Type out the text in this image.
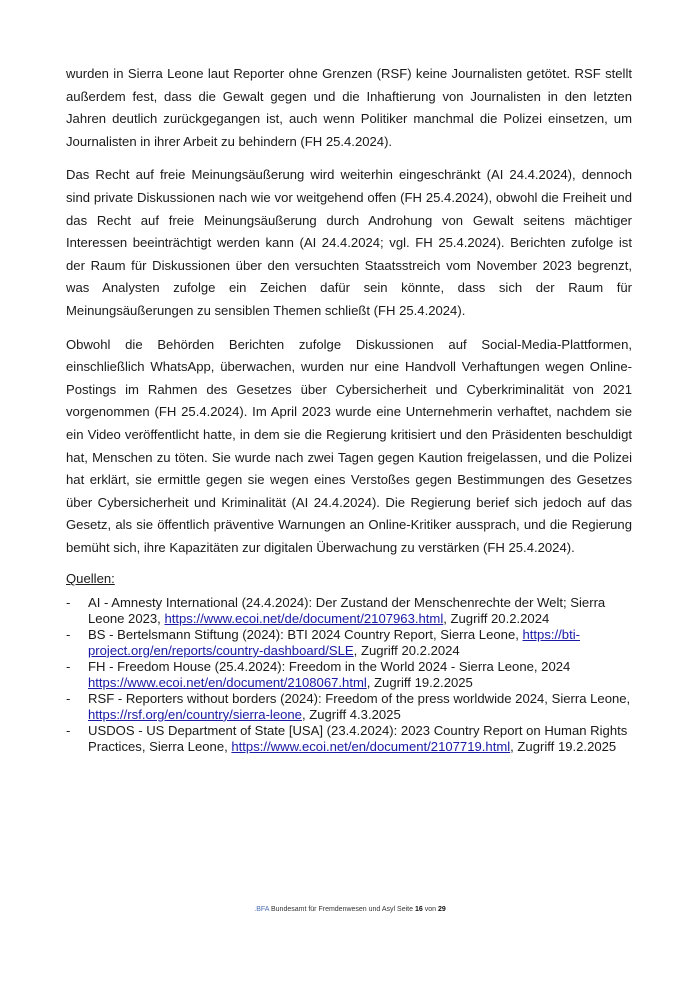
wurden in Sierra Leone laut Reporter ohne Grenzen (RSF) keine Journalisten getötet. RSF stellt außerdem fest, dass die Gewalt gegen und die Inhaftierung von Journalisten in den letzten Jahren deutlich zurückgegangen ist, auch wenn Politiker manchmal die Polizei einsetzen, um Journalisten in ihrer Arbeit zu behindern (FH 25.4.2024).

Das Recht auf freie Meinungsäußerung wird weiterhin eingeschränkt (AI 24.4.2024), dennoch sind private Diskussionen nach wie vor weitgehend offen (FH 25.4.2024), obwohl die Freiheit und das Recht auf freie Meinungsäußerung durch Androhung von Gewalt seitens mächtiger Interessen beeinträchtigt werden kann (AI 24.4.2024; vgl. FH 25.4.2024). Berichten zufolge ist der Raum für Diskussionen über den versuchten Staatsstreich vom November 2023 begrenzt, was Analysten zufolge ein Zeichen dafür sein könnte, dass sich der Raum für Meinungsäußerungen zu sensiblen Themen schließt (FH 25.4.2024).

Obwohl die Behörden Berichten zufolge Diskussionen auf Social-Media-Plattformen, einschließlich WhatsApp, überwachen, wurden nur eine Handvoll Verhaftungen wegen Online-Postings im Rahmen des Gesetzes über Cybersicherheit und Cyberkriminalität von 2021 vorgenommen (FH 25.4.2024). Im April 2023 wurde eine Unternehmerin verhaftet, nachdem sie ein Video veröffentlicht hatte, in dem sie die Regierung kritisiert und den Präsidenten beschuldigt hat, Menschen zu töten. Sie wurde nach zwei Tagen gegen Kaution freigelassen, und die Polizei hat erklärt, sie ermittle gegen sie wegen eines Verstoßes gegen Bestimmungen des Gesetzes über Cybersicherheit und Kriminalität (AI 24.4.2024). Die Regierung berief sich jedoch auf das Gesetz, als sie öffentlich präventive Warnungen an Online-Kritiker aussprach, und die Regierung bemüht sich, ihre Kapazitäten zur digitalen Überwachung zu verstärken (FH 25.4.2024).

Quellen:
- AI - Amnesty International (24.4.2024): Der Zustand der Menschenrechte der Welt; Sierra Leone 2023, https://www.ecoi.net/de/document/2107963.html, Zugriff 20.2.2024
- BS - Bertelsmann Stiftung (2024): BTI 2024 Country Report, Sierra Leone, https://bti-project.org/en/reports/country-dashboard/SLE, Zugriff 20.2.2024
- FH - Freedom House (25.4.2024): Freedom in the World 2024 - Sierra Leone, 2024 https://www.ecoi.net/en/document/2108067.html, Zugriff 19.2.2025
- RSF - Reporters without borders (2024): Freedom of the press worldwide 2024, Sierra Leone, https://rsf.org/en/country/sierra-leone, Zugriff 4.3.2025
- USDOS - US Department of State [USA] (23.4.2024): 2023 Country Report on Human Rights Practices, Sierra Leone, https://www.ecoi.net/en/document/2107719.html, Zugriff 19.2.2025
.BFA Bundesamt für Fremdenwesen und Asyl Seite 16 von 29
